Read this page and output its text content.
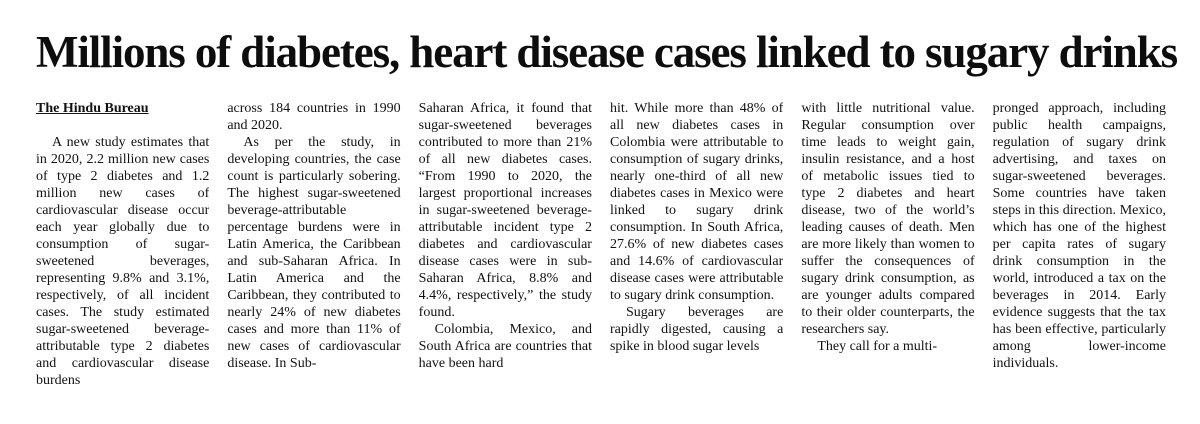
Millions of diabetes, heart disease cases linked to sugary drinks
The Hindu Bureau

A new study estimates that in 2020, 2.2 million new cases of type 2 diabetes and 1.2 million new cases of cardiovascular disease occur each year globally due to consumption of sugar-sweetened beverages, representing 9.8% and 3.1%, respectively, of all incident cases. The study estimated sugar-sweetened beverage-attributable type 2 diabetes and cardiovascular disease burdens

across 184 countries in 1990 and 2020.

As per the study, in developing countries, the case count is particularly sobering. The highest sugar-sweetened beverage-attributable percentage burdens were in Latin America, the Caribbean and sub-Saharan Africa. In Latin America and the Caribbean, they contributed to nearly 24% of new diabetes cases and more than 11% of new cases of cardiovascular disease. In Sub-

Saharan Africa, it found that sugar-sweetened beverages contributed to more than 21% of all new diabetes cases. “From 1990 to 2020, the largest proportional increases in sugar-sweetened beverage-attributable incident type 2 diabetes and cardiovascular disease cases were in sub-Saharan Africa, 8.8% and 4.4%, respectively,” the study found.

Colombia, Mexico, and South Africa are countries that have been hard

hit. While more than 48% of all new diabetes cases in Colombia were attributable to consumption of sugary drinks, nearly one-third of all new diabetes cases in Mexico were linked to sugary drink consumption. In South Africa, 27.6% of new diabetes cases and 14.6% of cardiovascular disease cases were attributable to sugary drink consumption.

Sugary beverages are rapidly digested, causing a spike in blood sugar levels

with little nutritional value. Regular consumption over time leads to weight gain, insulin resistance, and a host of metabolic issues tied to type 2 diabetes and heart disease, two of the world’s leading causes of death. Men are more likely than women to suffer the consequences of sugary drink consumption, as are younger adults compared to their older counterparts, the researchers say.

They call for a multi-

pronged approach, including public health campaigns, regulation of sugary drink advertising, and taxes on sugar-sweetened beverages. Some countries have taken steps in this direction. Mexico, which has one of the highest per capita rates of sugary drink consumption in the world, introduced a tax on the beverages in 2014. Early evidence suggests that the tax has been effective, particularly among lower-income individuals.
